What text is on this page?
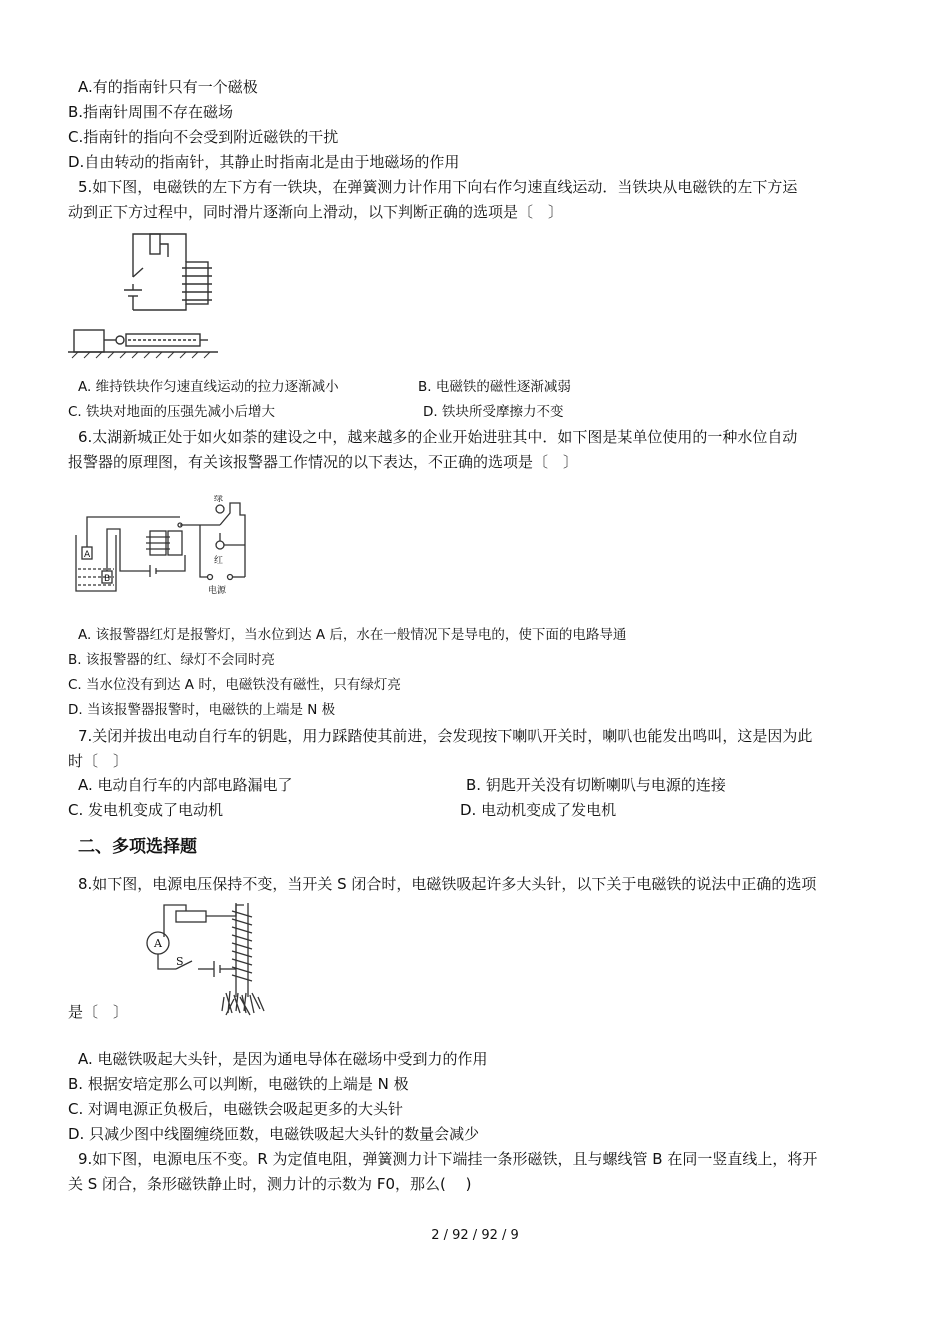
A.有的指南针只有一个磁极
B.指南针周围不存在磁场
C.指南针的指向不会受到附近磁铁的干扰
D.自由转动的指南针，其静止时指南北是由于地磁场的作用
5.如下图，电磁铁的左下方有一铁块，在弹簧测力计作用下向右作匀速直线运动．当铁块从电磁铁的左下方运
动到正下方过程中，同时滑片逐渐向上滑动，以下判断正确的选项是〔　〕
A. 维持铁块作匀速直线运动的拉力逐渐减小	B. 电磁铁的磁性逐渐减弱
C. 铁块对地面的压强先减小后增大	D. 铁块所受摩擦力不变
6.太湖新城正处于如火如荼的建设之中，越来越多的企业开始进驻其中．如下图是某单位使用的一种水位自动
报警器的原理图，有关该报警器工作情况的以下表达，不正确的选项是〔　〕
A
B
绿
红
电源
A. 该报警器红灯是报警灯，当水位到达 A 后，水在一般情况下是导电的，使下面的电路导通
B. 该报警器的红、绿灯不会同时亮
C. 当水位没有到达 A 时，电磁铁没有磁性，只有绿灯亮
D. 当该报警器报警时，电磁铁的上端是 N 极
7.关闭并拔出电动自行车的钥匙，用力踩踏使其前进，会发现按下喇叭开关时，喇叭也能发出鸣叫，这是因为此
时〔　〕
A. 电动自行车的内部电路漏电了	B. 钥匙开关没有切断喇叭与电源的连接
C. 发电机变成了电动机	D. 电动机变成了发电机
二、多项选择题
8.如下图，电源电压保持不变，当开关 S 闭合时，电磁铁吸起许多大头针，以下关于电磁铁的说法中正确的选项
A
S
是〔　〕
A. 电磁铁吸起大头针，是因为通电导体在磁场中受到力的作用
B. 根据安培定那么可以判断，电磁铁的上端是 N 极
C. 对调电源正负极后，电磁铁会吸起更多的大头针
D. 只减少图中线圈缠绕匝数，电磁铁吸起大头针的数量会减少
9.如下图，电源电压不变。R 为定值电阻，弹簧测力计下端挂一条形磁铁，且与螺线管 B 在同一竖直线上，将开
关 S 闭合，条形磁铁静止时，测力计的示数为 F0，那么(　 )
2 / 92 / 92 / 9
